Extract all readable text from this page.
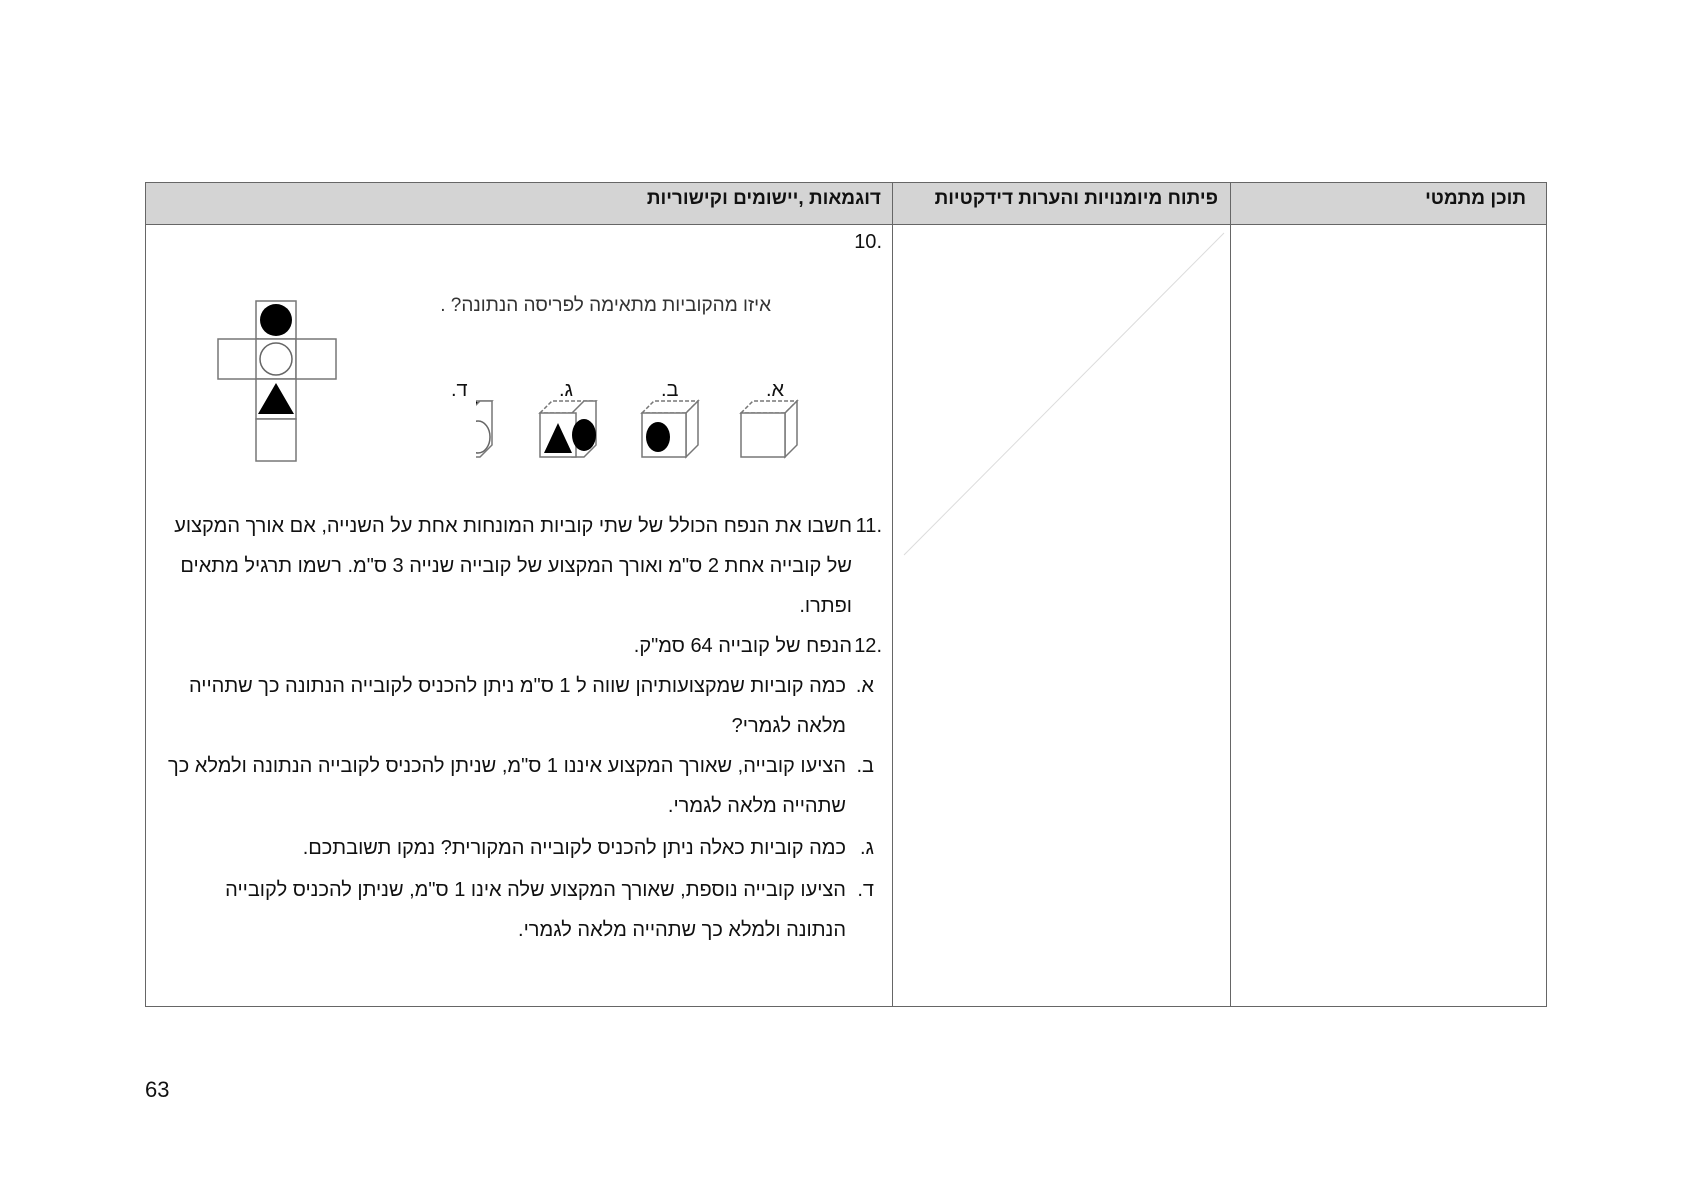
תוכן מתמטי
פיתוח מיומנויות והערות דידקטיות
דוגמאות ,יישומים וקישוריות
.10
איזו מהקוביות מתאימה לפריסה הנתונה? .
א.
ב.
ג.
ד.
.11
חשבו את הנפח הכולל של שתי קוביות המונחות אחת על השנייה, אם אורך המקצוע
של קובייה אחת 2 ס"מ ואורך המקצוע של קובייה שנייה 3 ס"מ. רשמו תרגיל מתאים
ופתרו.
.12
הנפח של קובייה 64 סמ"ק.
א.
כמה קוביות שמקצועותיהן שווה ל 1 ס"מ ניתן להכניס לקובייה הנתונה כך שתהייה
מלאה לגמרי?
ב.
הציעו קובייה, שאורך המקצוע איננו 1 ס"מ, שניתן להכניס לקובייה הנתונה ולמלא כך
שתהייה מלאה לגמרי.
ג.
כמה קוביות כאלה ניתן להכניס לקובייה המקורית? נמקו תשובתכם.
ד.
הציעו קובייה נוספת, שאורך המקצוע שלה אינו 1 ס"מ, שניתן להכניס לקובייה
הנתונה ולמלא כך שתהייה מלאה לגמרי.
63
